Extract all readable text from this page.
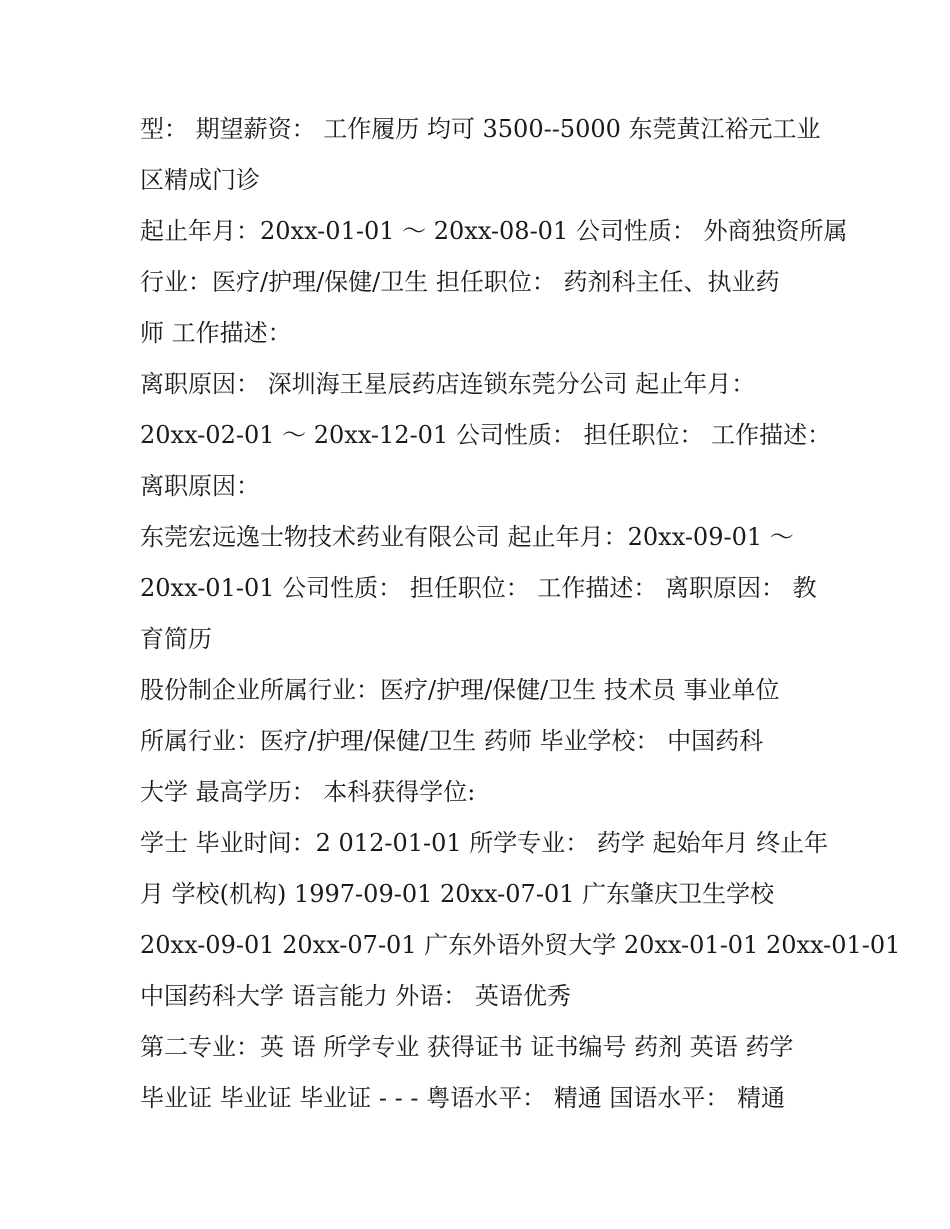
型： 期望薪资： 工作履历 均可 3500--5000 东莞黄江裕元工业
区精成门诊
起止年月：20xx-01-01 ～ 20xx-08-01 公司性质： 外商独资所属
行业：医疗/护理/保健/卫生 担任职位： 药剂科主任、执业药
师 工作描述：
离职原因： 深圳海王星辰药店连锁东莞分公司 起止年月：
20xx-02-01 ～ 20xx-12-01 公司性质： 担任职位： 工作描述：
离职原因：
东莞宏远逸士物技术药业有限公司 起止年月：20xx-09-01 ～
20xx-01-01 公司性质： 担任职位： 工作描述： 离职原因： 教
育简历
股份制企业所属行业：医疗/护理/保健/卫生 技术员 事业单位
所属行业：医疗/护理/保健/卫生 药师 毕业学校： 中国药科
大学 最高学历： 本科获得学位:
学士 毕业时间：2 012-01-01 所学专业： 药学 起始年月 终止年
月 学校(机构) 1997-09-01 20xx-07-01 广东肇庆卫生学校
20xx-09-01 20xx-07-01 广东外语外贸大学 20xx-01-01 20xx-01-01
中国药科大学 语言能力 外语： 英语优秀
第二专业：英 语 所学专业 获得证书 证书编号 药剂 英语 药学
毕业证 毕业证 毕业证 - - - 粤语水平： 精通 国语水平： 精通
